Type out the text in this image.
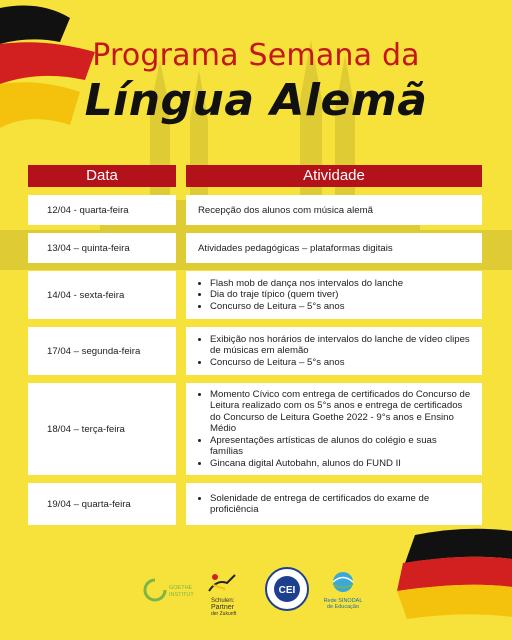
Programa Semana da
Língua Alemã
Data	Atividade
12/04 - quarta-feira	Recepção dos alunos com música alemã
13/04 – quinta-feira	Atividades pedagógicas – plataformas digitais
14/04 - sexta-feira
• Flash mob de dança nos intervalos do lanche
• Dia do traje típico (quem tiver)
• Concurso de Leitura – 5°s anos
17/04 – segunda-feira
• Exibição nos horários de intervalos do lanche de vídeo clipes de músicas em alemão
• Concurso de Leitura – 5°s anos
18/04 – terça-feira
• Momento Cívico com entrega de certificados do Concurso de Leitura realizado com os 5°s anos e entrega de certificados do Concurso de Leitura Goethe 2022 - 9°s anos e Ensino Médio
• Apresentações artísticas de alunos do colégio e suas famílias
• Gincana digital Autobahn, alunos do FUND II
19/04 – quarta-feira
• Solenidade de entrega de certificados do exame de proficiência
GOETHE
INSTITUT
Schulen:
Partner
der Zukunft
CEI
Rede SINODAL
de Educação
